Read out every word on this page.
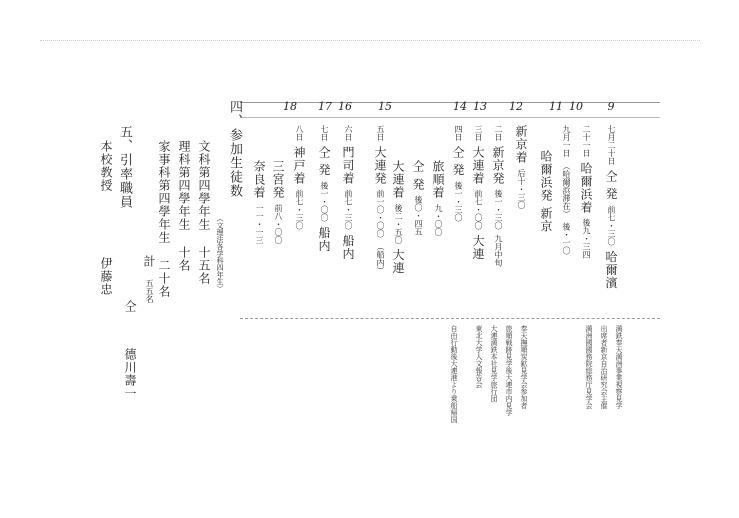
9
10
11
12
13
14
15
16
17
18
七月二十日 仝 発 前七・三〇 哈爾濱
二十一日 哈爾浜着 後九・三四
九月一日 （哈爾浜滞在） 後・一〇
哈爾浜発 新京
新京着 后十・三〇
二日 新京発 後一・三〇 九月中旬
三日 大連着 前七・〇〇 大連
四日 仝 発 後一・三〇
旅順着 九・〇〇
仝 発 後〇・四五
大連着 後二・五〇 大連
五日 大連発 前一〇・〇〇 （船内）
六日 門司着 前七・三〇 船内
七日 仝 発 後一・〇〇 船内
八日 神戸着 前七・三〇
三宮発 前八・〇〇
奈良着 一一・一三
満鉄奉天満洲事業視察見学
出席者新京自治研究会主催
満洲國國務院総務庁見学会
奉天撫順炭鉱見学会参加者
旅順戦跡見学後大連市内見学
大連満鉄本社見学旅行団
東北大学人文報告会
自由行動後大連港より乗船帰国
四、参加生徒数
（文理法各学科四年生）
文科第四學年生 十五名
理科第四學年生 十名
家事科第四學年生 二十名
計 五五名
五、引率職員
本校教授 伊藤忠
仝 德川壽一
